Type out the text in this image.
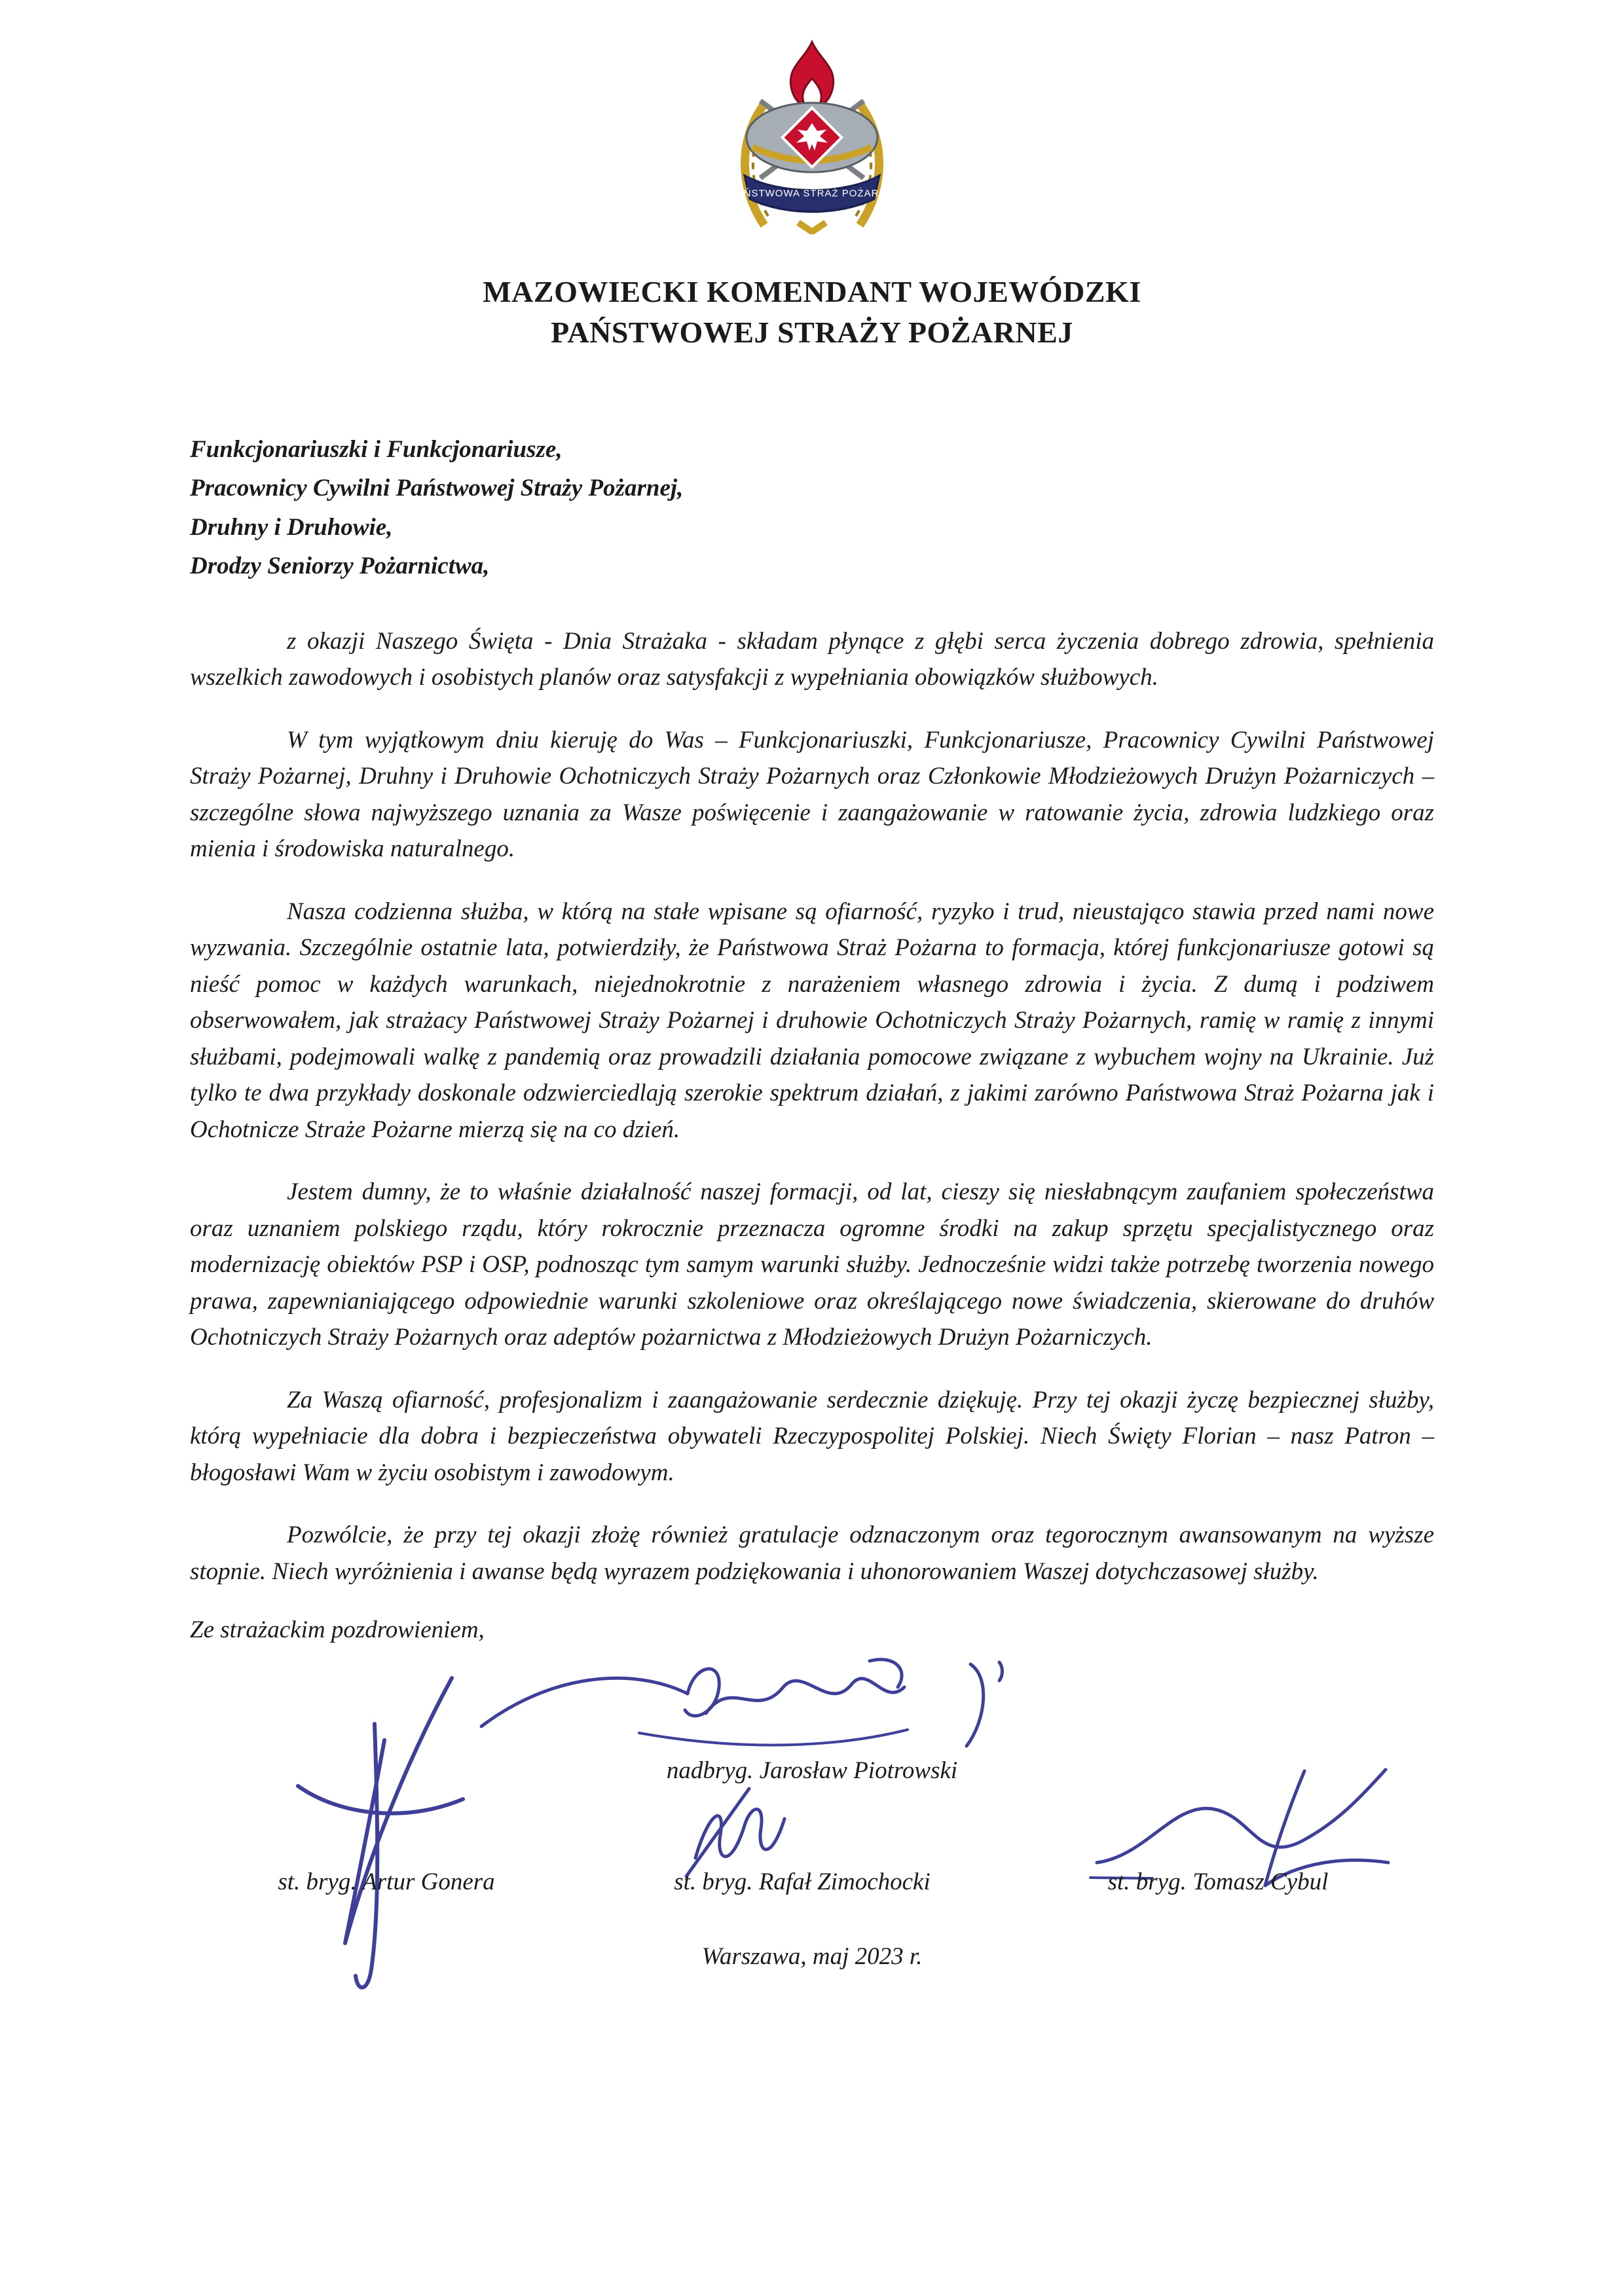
PAŃSTWOWA STRAŻ POŻARNA
MAZOWIECKI KOMENDANT WOJEWÓDZKI
PAŃSTWOWEJ STRAŻY POŻARNEJ

Funkcjonariuszki i Funkcjonariusze,

Pracownicy Cywilni Państwowej Straży Pożarnej,

Druhny i Druhowie,

Drodzy Seniorzy Pożarnictwa,

z okazji Naszego Święta - Dnia Strażaka - składam płynące z głębi serca życzenia dobrego zdrowia, spełnienia wszelkich zawodowych i osobistych planów oraz satysfakcji z wypełniania obowiązków służbowych.

W tym wyjątkowym dniu kieruję do Was – Funkcjonariuszki, Funkcjonariusze, Pracownicy Cywilni Państwowej Straży Pożarnej, Druhny i Druhowie Ochotniczych Straży Pożarnych oraz Członkowie Młodzieżowych Drużyn Pożarniczych – szczególne słowa najwyższego uznania za Wasze poświęcenie i zaangażowanie w ratowanie życia, zdrowia ludzkiego oraz mienia i środowiska naturalnego.

Nasza codzienna służba, w którą na stałe wpisane są ofiarność, ryzyko i trud, nieustająco stawia przed nami nowe wyzwania. Szczególnie ostatnie lata, potwierdziły, że Państwowa Straż Pożarna to formacja, której funkcjonariusze gotowi są nieść pomoc w każdych warunkach, niejednokrotnie z narażeniem własnego zdrowia i życia. Z dumą i podziwem obserwowałem, jak strażacy Państwowej Straży Pożarnej i druhowie Ochotniczych Straży Pożarnych, ramię w ramię z innymi służbami, podejmowali walkę z pandemią oraz prowadzili działania pomocowe związane z wybuchem wojny na Ukrainie. Już tylko te dwa przykłady doskonale odzwierciedlają szerokie spektrum działań, z jakimi zarówno Państwowa Straż Pożarna jak i Ochotnicze Straże Pożarne mierzą się na co dzień.

Jestem dumny, że to właśnie działalność naszej formacji, od lat, cieszy się niesłabnącym zaufaniem społeczeństwa oraz uznaniem polskiego rządu, który rokrocznie przeznacza ogromne środki na zakup sprzętu specjalistycznego oraz modernizację obiektów PSP i OSP, podnosząc tym samym warunki służby. Jednocześnie widzi także potrzebę tworzenia nowego prawa, zapewnianiającego odpowiednie warunki szkoleniowe oraz określającego nowe świadczenia, skierowane do druhów Ochotniczych Straży Pożarnych oraz adeptów pożarnictwa z Młodzieżowych Drużyn Pożarniczych.

Za Waszą ofiarność, profesjonalizm i zaangażowanie serdecznie dziękuję. Przy tej okazji życzę bezpiecznej służby, którą wypełniacie dla dobra i bezpieczeństwa obywateli Rzeczypospolitej Polskiej. Niech Święty Florian – nasz Patron – błogosławi Wam w życiu osobistym i zawodowym.

Pozwólcie, że przy tej okazji złożę również gratulacje odznaczonym oraz tegorocznym awansowanym na wyższe stopnie. Niech wyróżnienia i awanse będą wyrazem podziękowania i uhonorowaniem Waszej dotychczasowej służby.

Ze strażackim pozdrowieniem,

nadbryg. Jarosław Piotrowski
st. bryg. Artur Gonera	st. bryg. Rafał Zimochocki	st. bryg. Tomasz Cybul
Warszawa, maj 2023 r.
